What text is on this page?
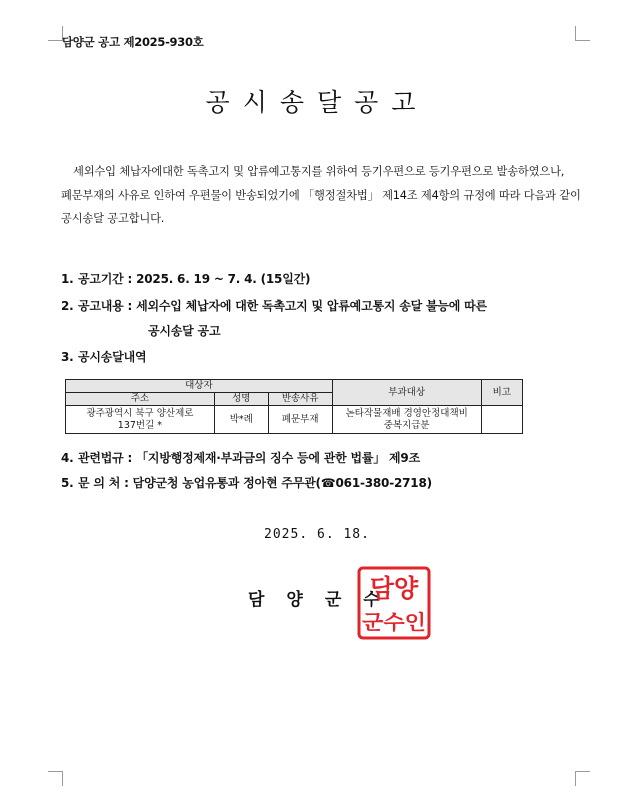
담양군 공고 제2025-930호
공시송달공고
세외수입 체납자에대한 독촉고지 및 압류예고통지를 위하여 등기우편으로 등기우편으로 발송하였으나, 폐문부재의 사유로 인하여 우편물이 반송되었기에 「행정절차법」 제14조 제4항의 규정에 따라 다음과 같이 공시송달 공고합니다.
1. 공고기간 : 2025. 6. 19 ~ 7. 4. (15일간)
2. 공고내용 : 세외수입 체납자에 대한 독촉고지 및 압류예고통지 송달 불능에 따른
공시송달 공고
3. 공시송달내역
대상자			부과대상	비고
주소	성명	반송사유		
광주광역시 북구 양산제로 137번길 *	박*례	폐문부재	논타작물재배 경영안정대책비 중복지급분	
4. 관련법규 : 「지방행정제재·부과금의 징수 등에 관한 법률」 제9조
5. 문 의 처 : 담양군청 농업유통과 정아현 주무관(☎061-380-2718)
2025. 6. 18.
담양군수
담양
군수인
